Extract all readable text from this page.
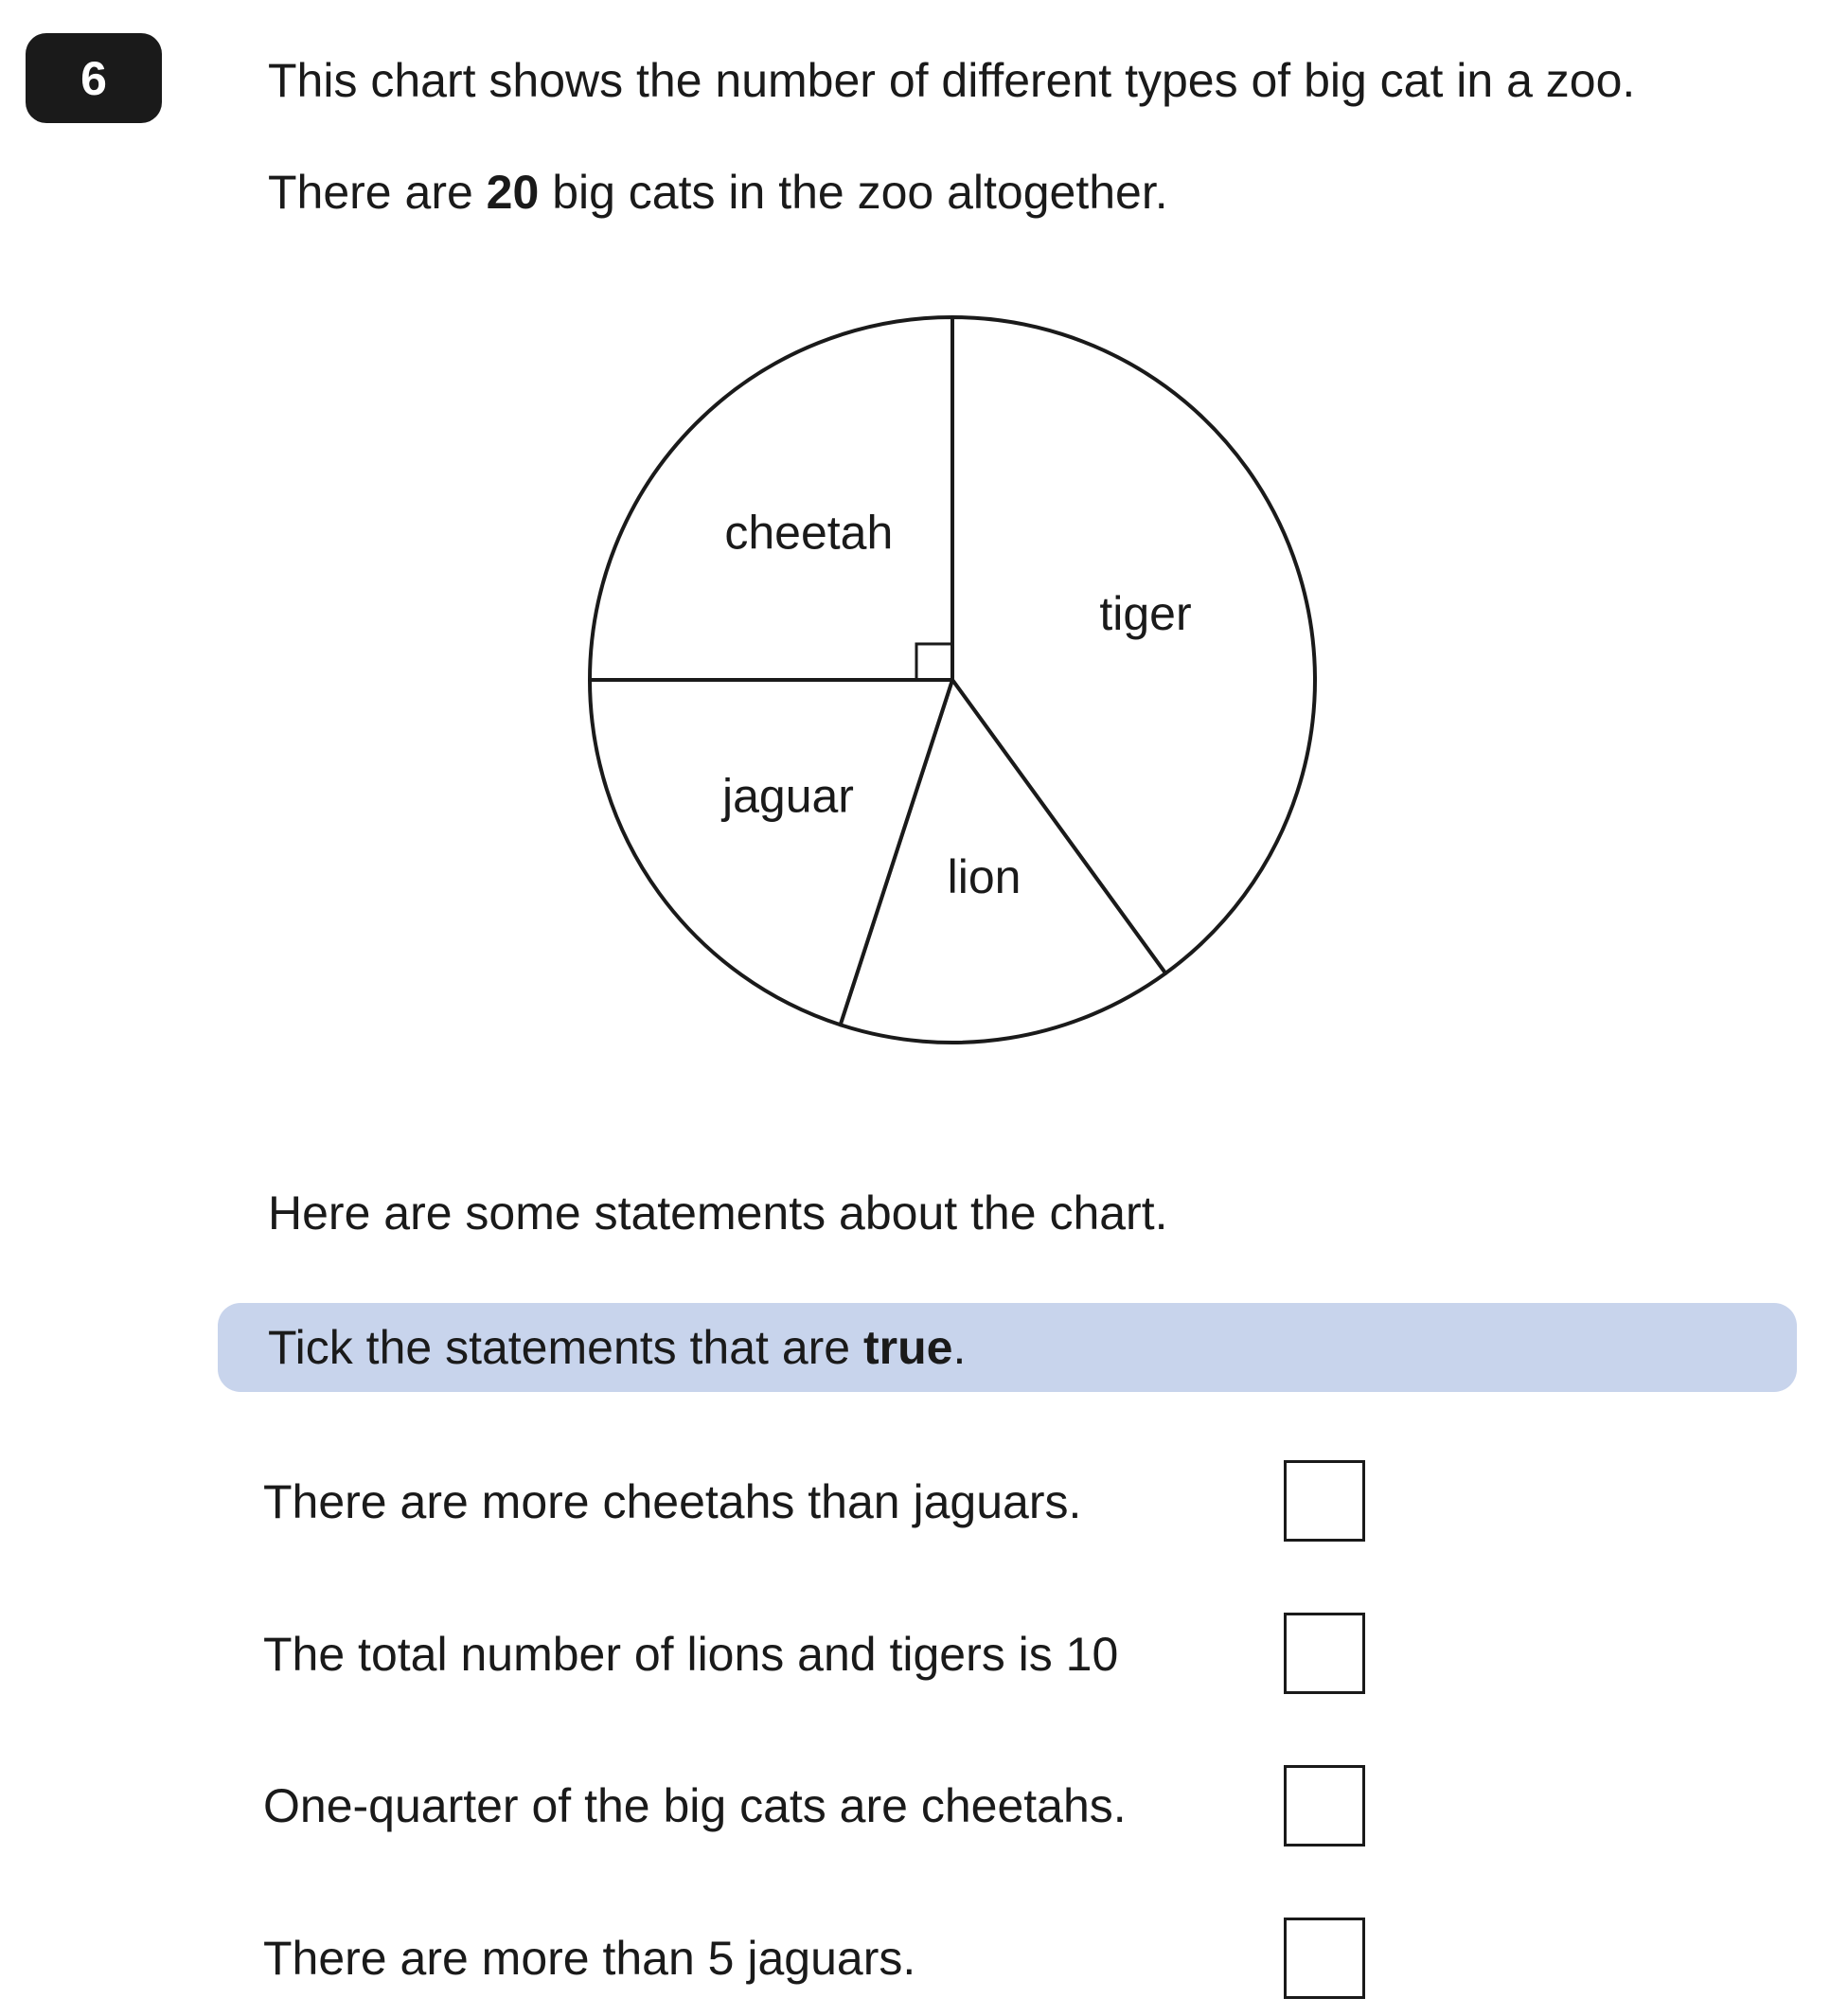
6	This chart shows the number of different types of big cat in a zoo.
There are 20 big cats in the zoo altogether.
tiger
lion
jaguar
cheetah
Here are some statements about the chart.
Tick the statements that are true.
There are more cheetahs than jaguars.
The total number of lions and tigers is 10
One-quarter of the big cats are cheetahs.
There are more than 5 jaguars.
